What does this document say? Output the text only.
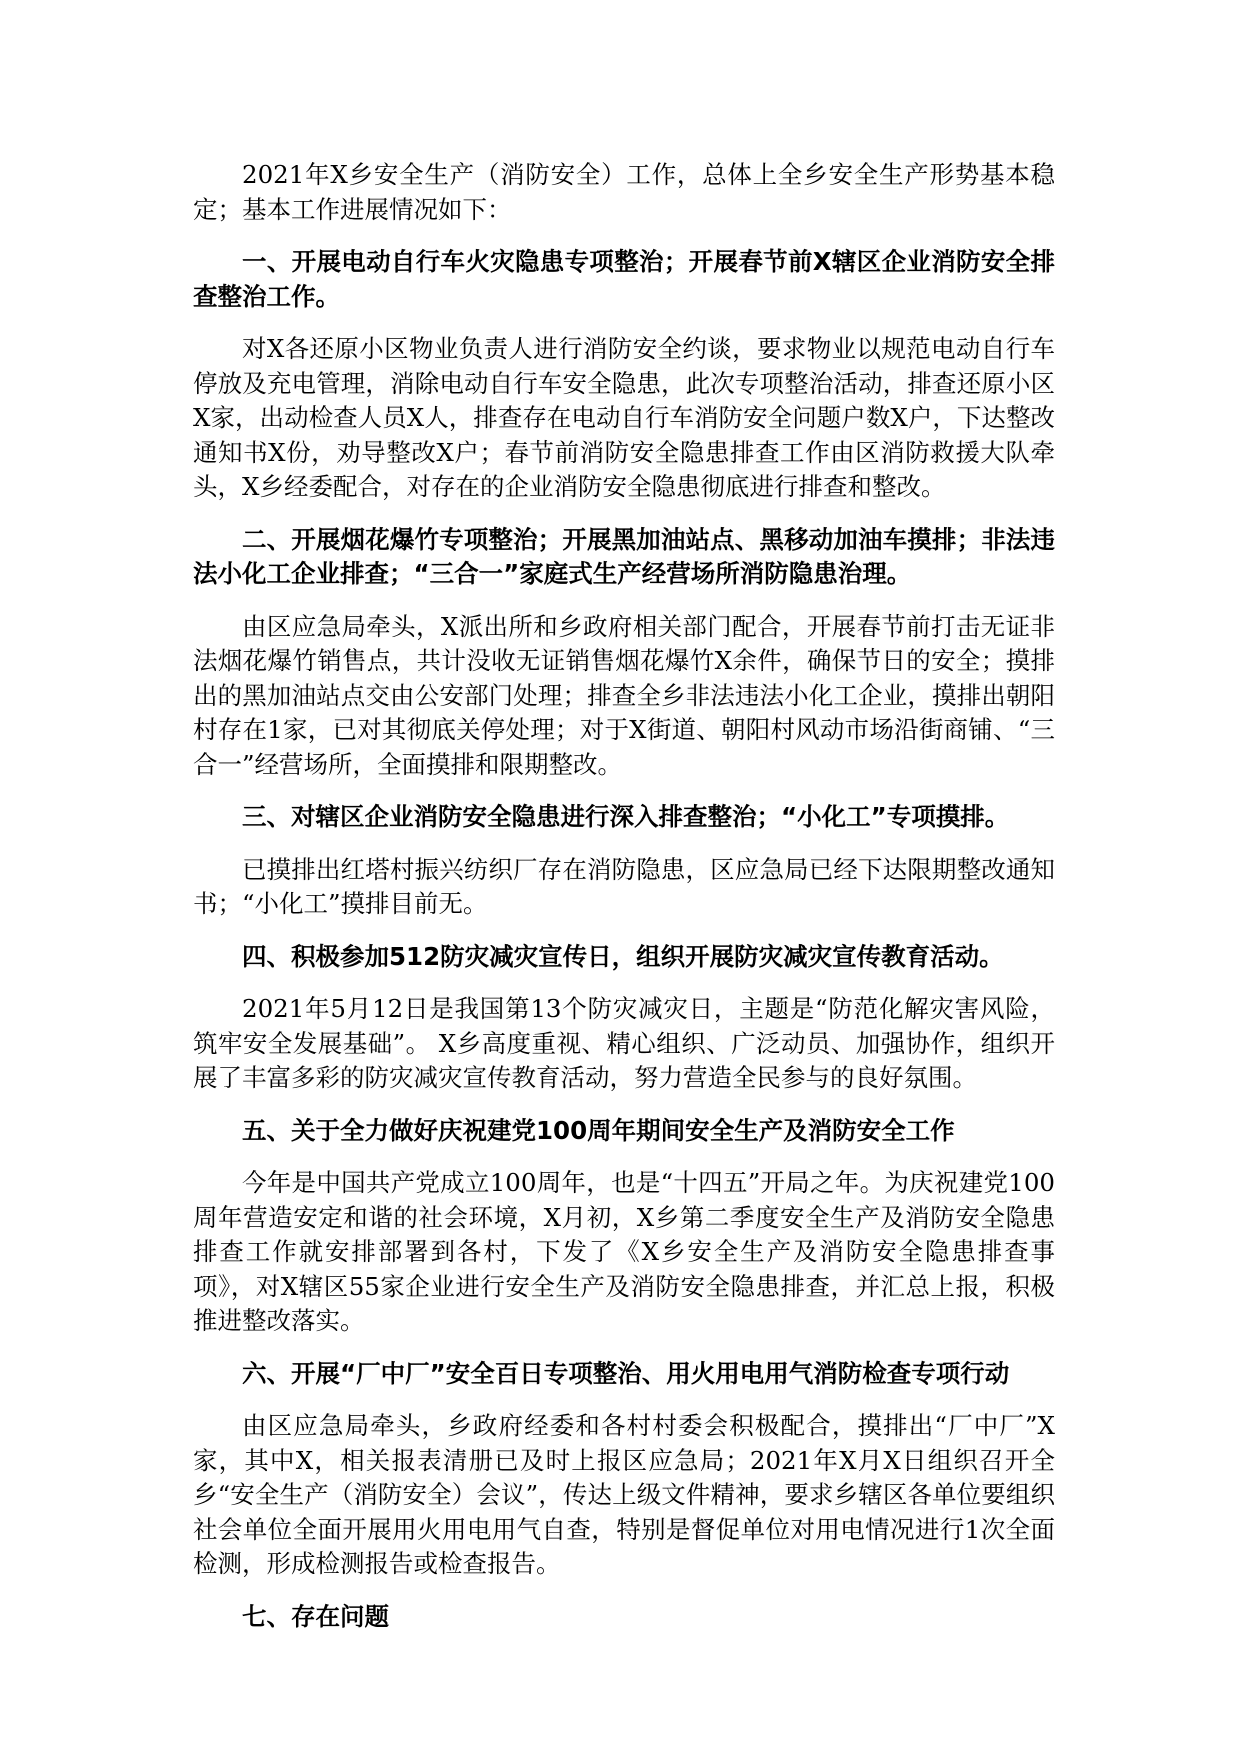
2021年X乡安全生产（消防安全）工作，总体上全乡安全生产形势基本稳定；基本工作进展情况如下：

一、开展电动自行车火灾隐患专项整治；开展春节前X辖区企业消防安全排查整治工作。

对X各还原小区物业负责人进行消防安全约谈，要求物业以规范电动自行车停放及充电管理，消除电动自行车安全隐患，此次专项整治活动，排查还原小区X家，出动检查人员X人，排查存在电动自行车消防安全问题户数X户，下达整改通知书X份，劝导整改X户；春节前消防安全隐患排查工作由区消防救援大队牵头，X乡经委配合，对存在的企业消防安全隐患彻底进行排查和整改。

二、开展烟花爆竹专项整治；开展黑加油站点、黑移动加油车摸排；非法违法小化工企业排查；“三合一”家庭式生产经营场所消防隐患治理。

由区应急局牵头，X派出所和乡政府相关部门配合，开展春节前打击无证非法烟花爆竹销售点，共计没收无证销售烟花爆竹X余件，确保节日的安全；摸排出的黑加油站点交由公安部门处理；排查全乡非法违法小化工企业，摸排出朝阳村存在1家，已对其彻底关停处理；对于X街道、朝阳村风动市场沿街商铺、“三合一”经营场所，全面摸排和限期整改。

三、对辖区企业消防安全隐患进行深入排查整治；“小化工”专项摸排。

已摸排出红塔村振兴纺织厂存在消防隐患，区应急局已经下达限期整改通知书；“小化工”摸排目前无。

四、积极参加512防灾减灾宣传日，组织开展防灾减灾宣传教育活动。

2021年5月12日是我国第13个防灾减灾日，主题是“防范化解灾害风险，筑牢安全发展基础”。 X乡高度重视、精心组织、广泛动员、加强协作，组织开展了丰富多彩的防灾减灾宣传教育活动，努力营造全民参与的良好氛围。

五、关于全力做好庆祝建党100周年期间安全生产及消防安全工作

今年是中国共产党成立100周年，也是“十四五”开局之年。为庆祝建党100周年营造安定和谐的社会环境，X月初，X乡第二季度安全生产及消防安全隐患排查工作就安排部署到各村，下发了《X乡安全生产及消防安全隐患排查事项》，对X辖区55家企业进行安全生产及消防安全隐患排查，并汇总上报，积极推进整改落实。

六、开展“厂中厂”安全百日专项整治、用火用电用气消防检查专项行动

由区应急局牵头，乡政府经委和各村村委会积极配合，摸排出“厂中厂”X家，其中X，相关报表清册已及时上报区应急局；2021年X月X日组织召开全乡“安全生产（消防安全）会议”，传达上级文件精神，要求乡辖区各单位要组织社会单位全面开展用火用电用气自查，特别是督促单位对用电情况进行1次全面检测，形成检测报告或检查报告。

七、存在问题
